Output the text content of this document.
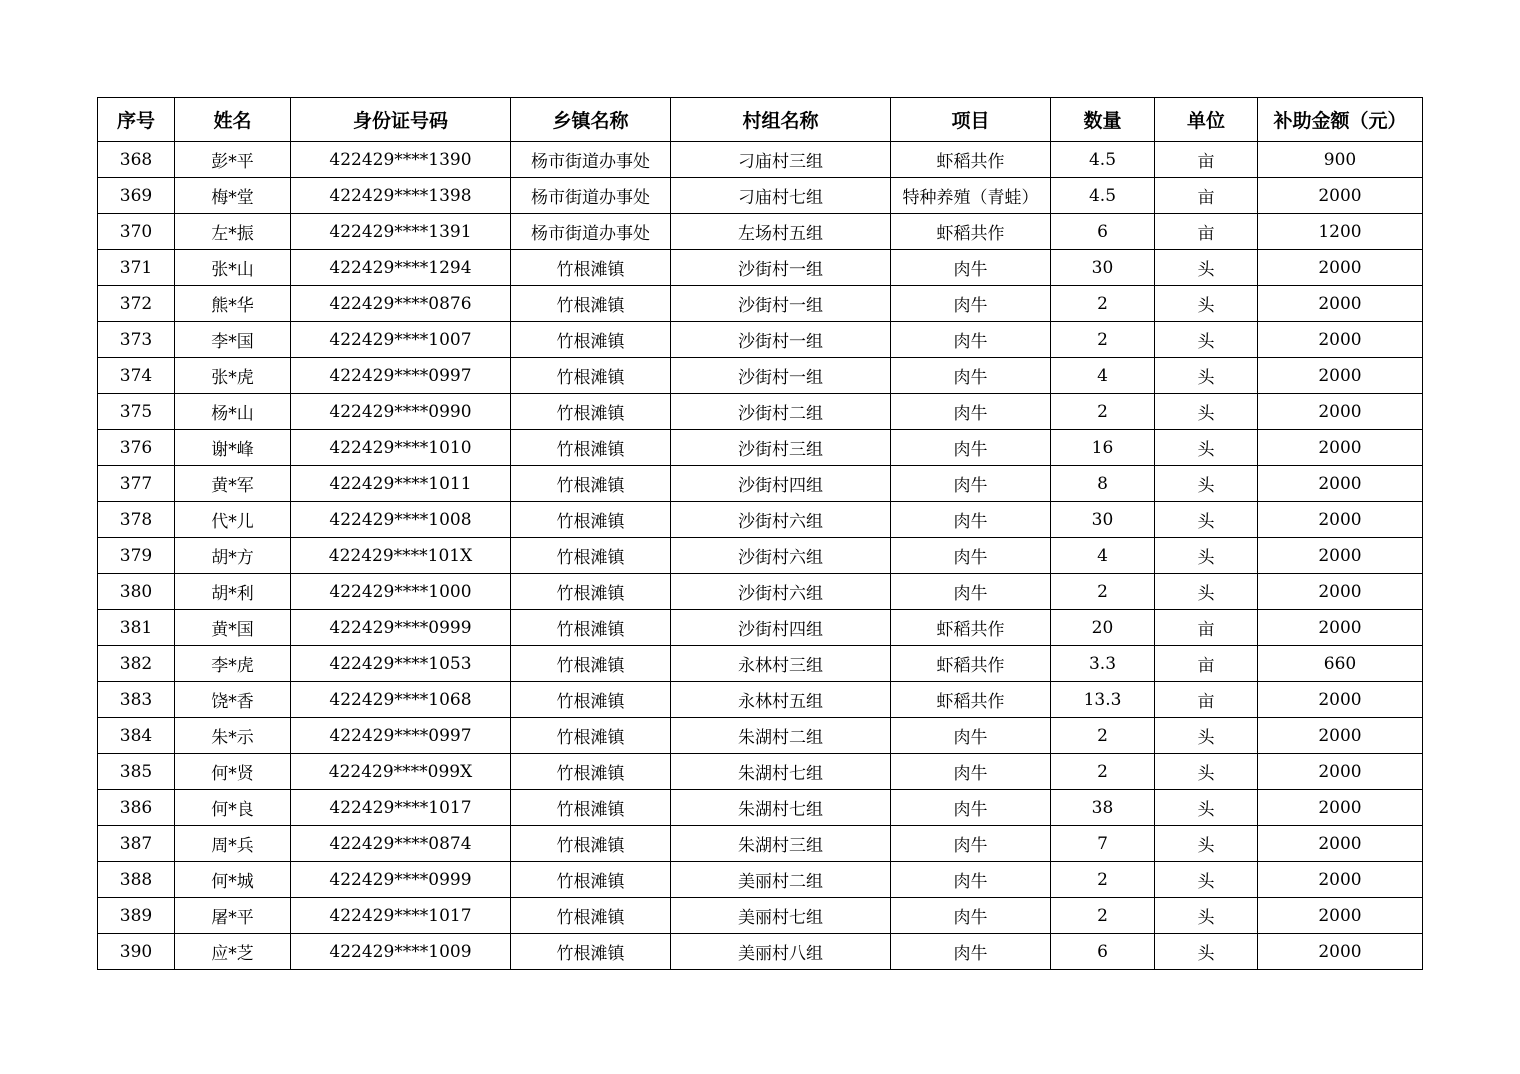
序号	姓名	身份证号码	乡镇名称	村组名称	项目	数量	单位	补助金额（元）
368	彭*平	422429****1390	杨市街道办事处	刁庙村三组	虾稻共作	4.5	亩	900
369	梅*堂	422429****1398	杨市街道办事处	刁庙村七组	特种养殖（青蛙）	4.5	亩	2000
370	左*振	422429****1391	杨市街道办事处	左场村五组	虾稻共作	6	亩	1200
371	张*山	422429****1294	竹根滩镇	沙街村一组	肉牛	30	头	2000
372	熊*华	422429****0876	竹根滩镇	沙街村一组	肉牛	2	头	2000
373	李*国	422429****1007	竹根滩镇	沙街村一组	肉牛	2	头	2000
374	张*虎	422429****0997	竹根滩镇	沙街村一组	肉牛	4	头	2000
375	杨*山	422429****0990	竹根滩镇	沙街村二组	肉牛	2	头	2000
376	谢*峰	422429****1010	竹根滩镇	沙街村三组	肉牛	16	头	2000
377	黄*军	422429****1011	竹根滩镇	沙街村四组	肉牛	8	头	2000
378	代*儿	422429****1008	竹根滩镇	沙街村六组	肉牛	30	头	2000
379	胡*方	422429****101X	竹根滩镇	沙街村六组	肉牛	4	头	2000
380	胡*利	422429****1000	竹根滩镇	沙街村六组	肉牛	2	头	2000
381	黄*国	422429****0999	竹根滩镇	沙街村四组	虾稻共作	20	亩	2000
382	李*虎	422429****1053	竹根滩镇	永林村三组	虾稻共作	3.3	亩	660
383	饶*香	422429****1068	竹根滩镇	永林村五组	虾稻共作	13.3	亩	2000
384	朱*示	422429****0997	竹根滩镇	朱湖村二组	肉牛	2	头	2000
385	何*贤	422429****099X	竹根滩镇	朱湖村七组	肉牛	2	头	2000
386	何*良	422429****1017	竹根滩镇	朱湖村七组	肉牛	38	头	2000
387	周*兵	422429****0874	竹根滩镇	朱湖村三组	肉牛	7	头	2000
388	何*城	422429****0999	竹根滩镇	美丽村二组	肉牛	2	头	2000
389	屠*平	422429****1017	竹根滩镇	美丽村七组	肉牛	2	头	2000
390	应*芝	422429****1009	竹根滩镇	美丽村八组	肉牛	6	头	2000
